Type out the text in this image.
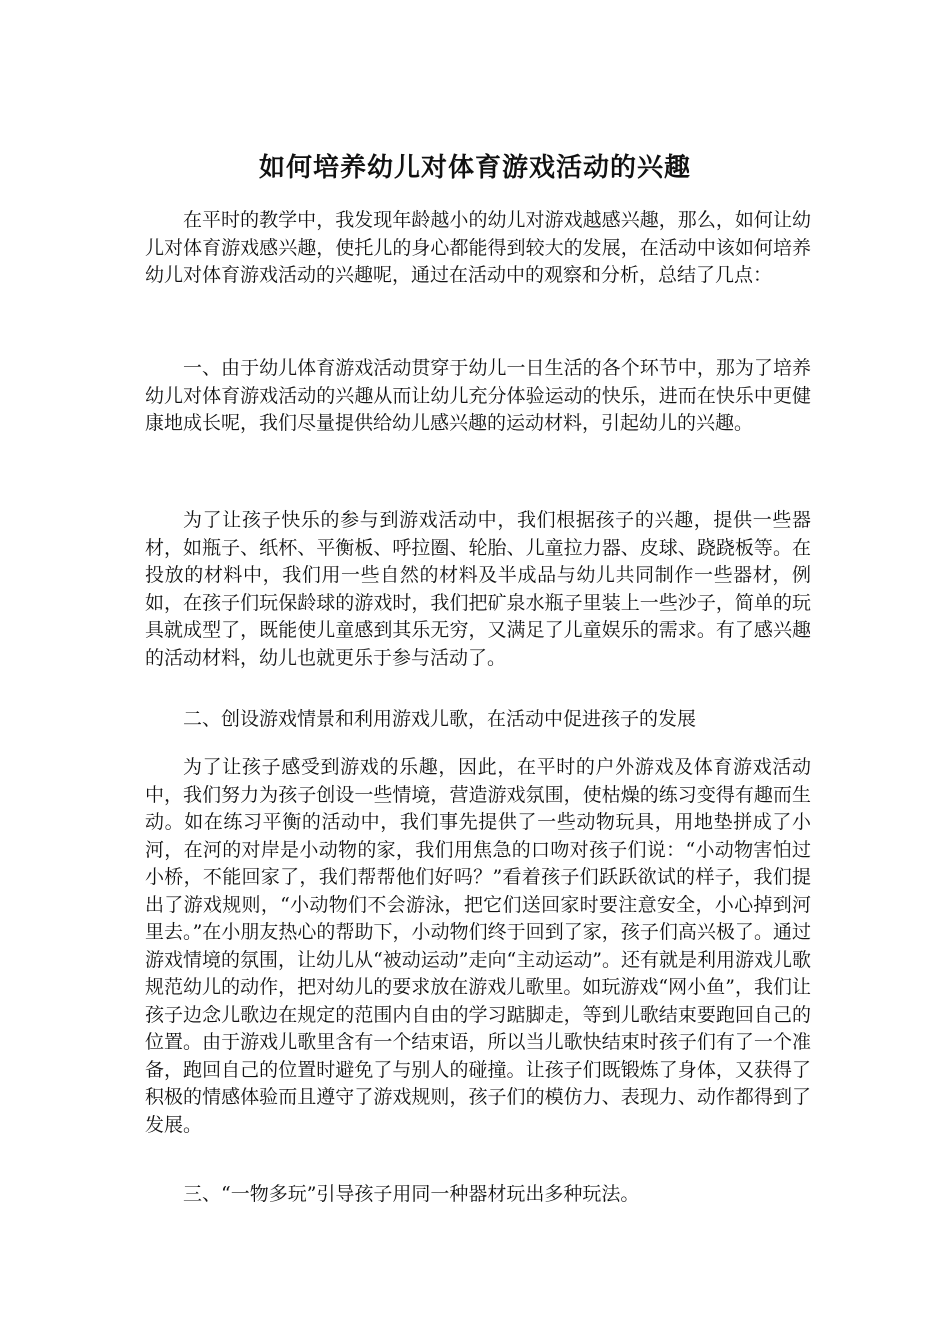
如何培养幼儿对体育游戏活动的兴趣

在平时的教学中，我发现年龄越小的幼儿对游戏越感兴趣，那么，如何让幼儿对体育游戏感兴趣，使托儿的身心都能得到较大的发展，在活动中该如何培养幼儿对体育游戏活动的兴趣呢，通过在活动中的观察和分析，总结了几点：

一、由于幼儿体育游戏活动贯穿于幼儿一日生活的各个环节中，那为了培养幼儿对体育游戏活动的兴趣从而让幼儿充分体验运动的快乐，进而在快乐中更健康地成长呢，我们尽量提供给幼儿感兴趣的运动材料，引起幼儿的兴趣。

为了让孩子快乐的参与到游戏活动中，我们根据孩子的兴趣，提供一些器材，如瓶子、纸杯、平衡板、呼拉圈、轮胎、儿童拉力器、皮球、跷跷板等。在投放的材料中，我们用一些自然的材料及半成品与幼儿共同制作一些器材，例如，在孩子们玩保龄球的游戏时，我们把矿泉水瓶子里装上一些沙子，简单的玩具就成型了，既能使儿童感到其乐无穷，又满足了儿童娱乐的需求。有了感兴趣的活动材料，幼儿也就更乐于参与活动了。

二、创设游戏情景和利用游戏儿歌，在活动中促进孩子的发展

为了让孩子感受到游戏的乐趣，因此，在平时的户外游戏及体育游戏活动中，我们努力为孩子创设一些情境，营造游戏氛围，使枯燥的练习变得有趣而生动。如在练习平衡的活动中，我们事先提供了一些动物玩具，用地垫拼成了小河，在河的对岸是小动物的家，我们用焦急的口吻对孩子们说：“小动物害怕过小桥，不能回家了，我们帮帮他们好吗？”看着孩子们跃跃欲试的样子，我们提出了游戏规则，“小动物们不会游泳，把它们送回家时要注意安全，小心掉到河里去。”在小朋友热心的帮助下，小动物们终于回到了家，孩子们高兴极了。通过游戏情境的氛围，让幼儿从“被动运动”走向“主动运动”。还有就是利用游戏儿歌规范幼儿的动作，把对幼儿的要求放在游戏儿歌里。如玩游戏“网小鱼”，我们让孩子边念儿歌边在规定的范围内自由的学习踮脚走，等到儿歌结束要跑回自己的位置。由于游戏儿歌里含有一个结束语，所以当儿歌快结束时孩子们有了一个准备，跑回自己的位置时避免了与别人的碰撞。让孩子们既锻炼了身体，又获得了积极的情感体验而且遵守了游戏规则，孩子们的模仿力、表现力、动作都得到了发展。

三、“一物多玩”引导孩子用同一种器材玩出多种玩法。
